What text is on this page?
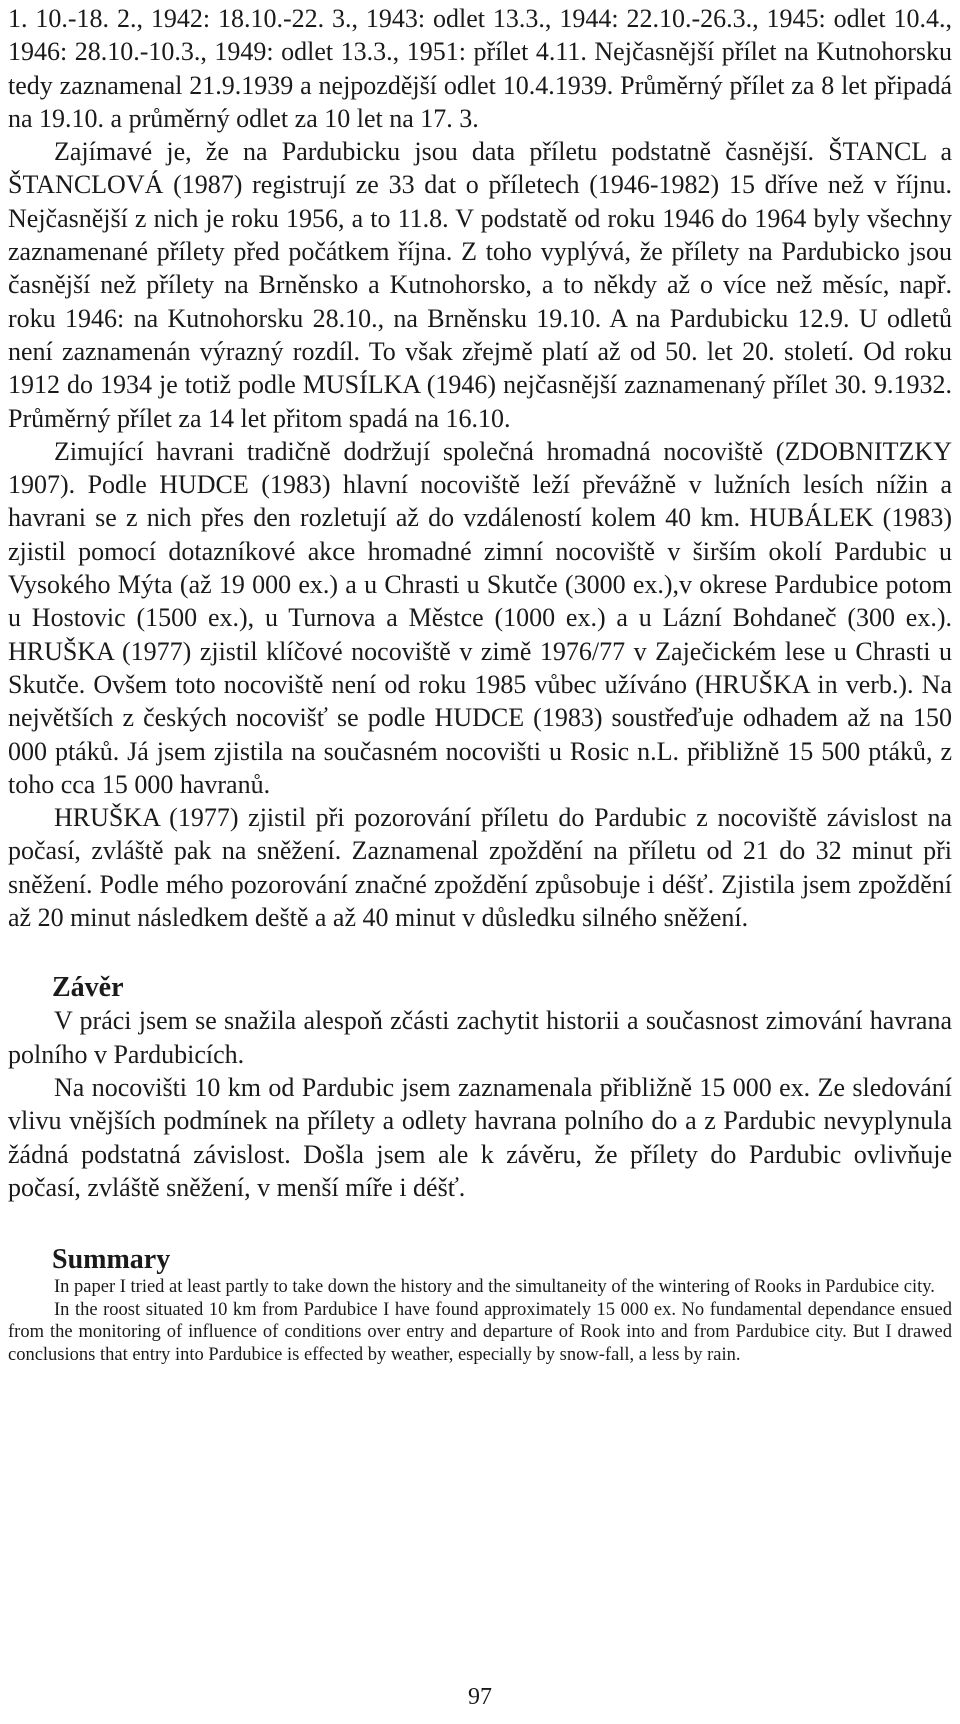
1. 10.-18. 2., 1942: 18.10.-22. 3., 1943: odlet 13.3., 1944: 22.10.-26.3., 1945: odlet 10.4., 1946: 28.10.-10.3., 1949: odlet 13.3., 1951: přílet 4.11. Nejčasnější přílet na Kutnohorsku tedy zaznamenal 21.9.1939 a nejpozdější odlet 10.4.1939. Průměrný přílet za 8 let připadá na 19.10. a průměrný odlet za 10 let na 17. 3.

Zajímavé je, že na Pardubicku jsou data příletu podstatně časnější. ŠTANCL a ŠTANCLOVÁ (1987) registrují ze 33 dat o příletech (1946-1982) 15 dříve než v říjnu. Nejčasnější z nich je roku 1956, a to 11.8. V podstatě od roku 1946 do 1964 byly všechny zaznamenané přílety před počátkem října. Z toho vyplývá, že přílety na Pardubicko jsou časnější než přílety na Brněnsko a Kutnohorsko, a to někdy až o více než měsíc, např. roku 1946: na Kutnohorsku 28.10., na Brněnsku 19.10. A na Pardubicku 12.9. U odletů není zaznamenán výrazný rozdíl. To však zřejmě platí až od 50. let 20. století. Od roku 1912 do 1934 je totiž podle MUSÍLKA (1946) nejčasnější zaznamenaný přílet 30. 9.1932. Průměrný přílet za 14 let přitom spadá na 16.10.

Zimující havrani tradičně dodržují společná hromadná nocoviště (ZDOBNITZKY 1907). Podle HUDCE (1983) hlavní nocoviště leží převážně v lužních lesích nížin a havrani se z nich přes den rozletují až do vzdáleností kolem 40 km. HUBÁLEK (1983) zjistil pomocí dotazníkové akce hromadné zimní nocoviště v širším okolí Pardubic u Vysokého Mýta (až 19 000 ex.) a u Chrasti u Skutče (3000 ex.),v okrese Pardubice potom u Hostovic (1500 ex.), u Turnova a Městce (1000 ex.) a u Lázní Bohdaneč (300 ex.). HRUŠKA (1977) zjistil klíčové nocoviště v zimě 1976/77 v Zaječickém lese u Chrasti u Skutče. Ovšem toto nocoviště není od roku 1985 vůbec užíváno (HRUŠKA in verb.). Na největších z českých nocovišť se podle HUDCE (1983) soustřeďuje odhadem až na 150 000 ptáků. Já jsem zjistila na současném nocovišti u Rosic n.L. přibližně 15 500 ptáků, z toho cca 15 000 havranů.

HRUŠKA (1977) zjistil při pozorování příletu do Pardubic z nocoviště závislost na počasí, zvláště pak na sněžení. Zaznamenal zpoždění na příletu od 21 do 32 minut při sněžení. Podle mého pozorování značné zpoždění způsobuje i déšť. Zjistila jsem zpoždění až 20 minut následkem deště a až 40 minut v důsledku silného sněžení.

Závěr

V práci jsem se snažila alespoň zčásti zachytit historii a současnost zimování havrana polního v Pardubicích.

Na nocovišti 10 km od Pardubic jsem zaznamenala přibližně 15 000 ex. Ze sledování vlivu vnějších podmínek na přílety a odlety havrana polního do a z Pardubic nevyplynula žádná podstatná závislost. Došla jsem ale k závěru, že přílety do Pardubic ovlivňuje počasí, zvláště sněžení, v menší míře i déšť.

Summary

In paper I tried at least partly to take down the history and the simultaneity of the wintering of Rooks in Pardubice city.

In the roost situated 10 km from Pardubice I have found approximately 15 000 ex. No fundamental dependance ensued from the monitoring of influence of conditions over entry and departure of Rook into and from Pardubice city. But I drawed conclusions that entry into Pardubice is effected by weather, especially by snow-fall, a less by rain.

97
